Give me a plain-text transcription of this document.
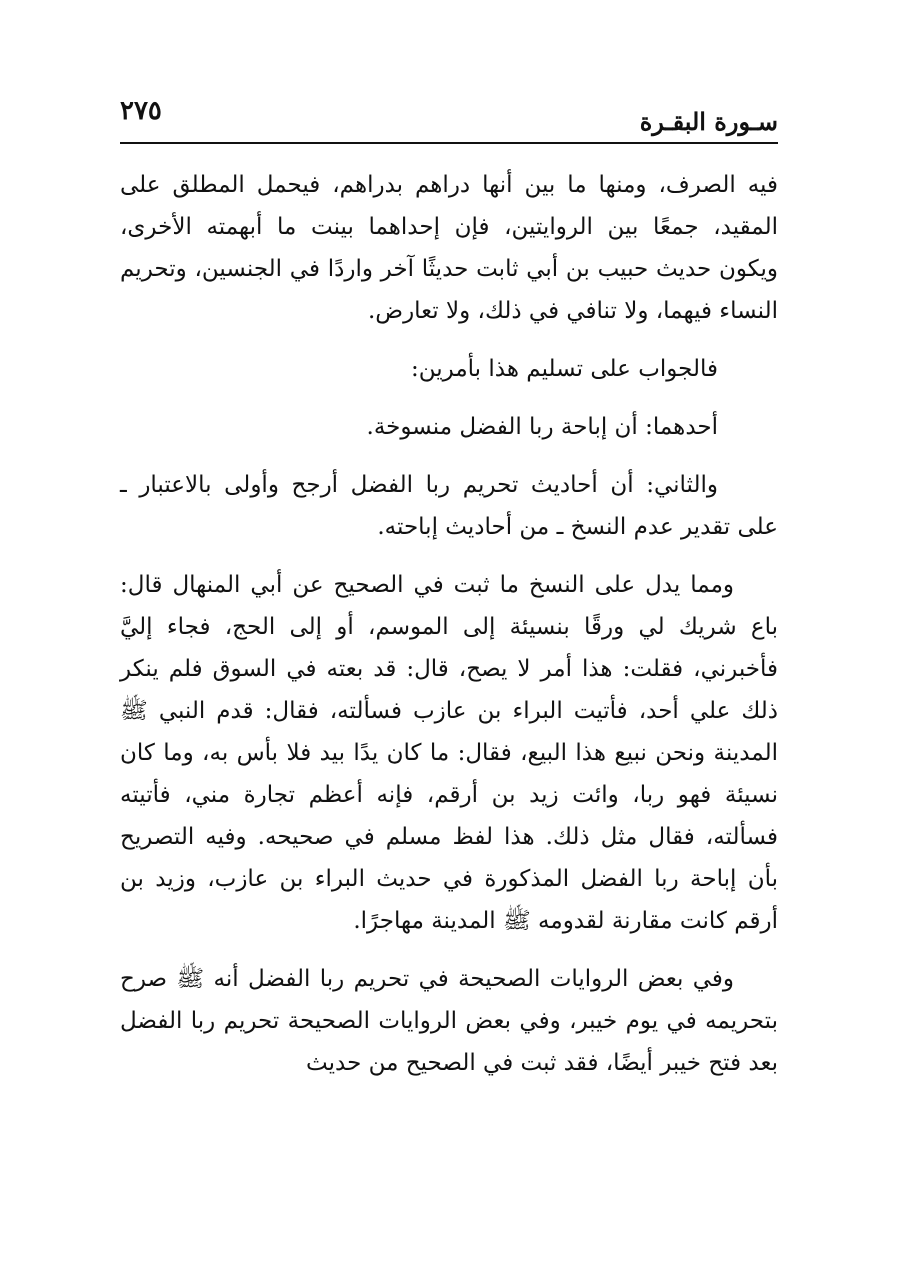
سـورة البقـرة
٢٧٥

فيه الصرف، ومنها ما بين أنها دراهم بدراهم، فيحمل المطلق على المقيد، جمعًا بين الروايتين، فإن إحداهما بينت ما أبهمته الأخرى، ويكون حديث حبيب بن أبي ثابت حديثًا آخر واردًا في الجنسين، وتحريم النساء فيهما، ولا تنافي في ذلك، ولا تعارض.

فالجواب على تسليم هذا بأمرين:

أحدهما: أن إباحة ربا الفضل منسوخة.

والثاني: أن أحاديث تحريم ربا الفضل أرجح وأولى بالاعتبار ـ على تقدير عدم النسخ ـ من أحاديث إباحته.

ومما يدل على النسخ ما ثبت في الصحيح عن أبي المنهال قال: باع شريك لي ورقًا بنسيئة إلى الموسم، أو إلى الحج، فجاء إليَّ فأخبرني، فقلت: هذا أمر لا يصح، قال: قد بعته في السوق فلم ينكر ذلك علي أحد، فأتيت البراء بن عازب فسألته، فقال: قدم النبي ﷺ المدينة ونحن نبيع هذا البيع، فقال: ما كان يدًا بيد فلا بأس به، وما كان نسيئة فهو ربا، وائت زيد بن أرقم، فإنه أعظم تجارة مني، فأتيته فسألته، فقال مثل ذلك. هذا لفظ مسلم في صحيحه. وفيه التصريح بأن إباحة ربا الفضل المذكورة في حديث البراء بن عازب، وزيد بن أرقم كانت مقارنة لقدومه ﷺ المدينة مهاجرًا.

وفي بعض الروايات الصحيحة في تحريم ربا الفضل أنه ﷺ صرح بتحريمه في يوم خيبر، وفي بعض الروايات الصحيحة تحريم ربا الفضل بعد فتح خيبر أيضًا، فقد ثبت في الصحيح من حديث
